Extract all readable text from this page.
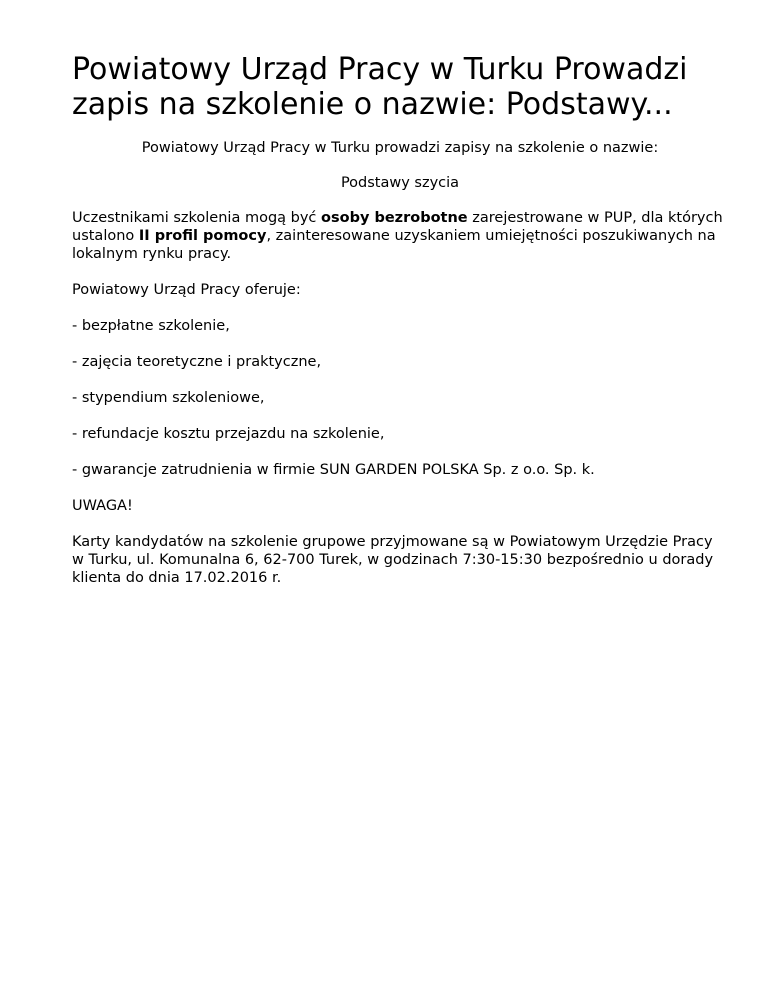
Powiatowy Urząd Pracy w Turku Prowadzi zapis na szkolenie o nazwie: Podstawy...

Powiatowy Urząd Pracy w Turku prowadzi zapisy na szkolenie o nazwie:

Podstawy szycia

Uczestnikami szkolenia mogą być osoby bezrobotne zarejestrowane w PUP, dla których ustalono II profil pomocy, zainteresowane uzyskaniem umiejętności poszukiwanych na lokalnym rynku pracy.

Powiatowy Urząd Pracy oferuje:

- bezpłatne szkolenie,

- zajęcia teoretyczne i praktyczne,

- stypendium szkoleniowe,

- refundacje kosztu przejazdu na szkolenie,

- gwarancje zatrudnienia w firmie SUN GARDEN POLSKA Sp. z o.o. Sp. k.

UWAGA!

Karty kandydatów na szkolenie grupowe przyjmowane są w Powiatowym Urzędzie Pracy w Turku, ul. Komunalna 6, 62-700 Turek, w godzinach 7:30-15:30 bezpośrednio u dorady klienta do dnia 17.02.2016 r.
